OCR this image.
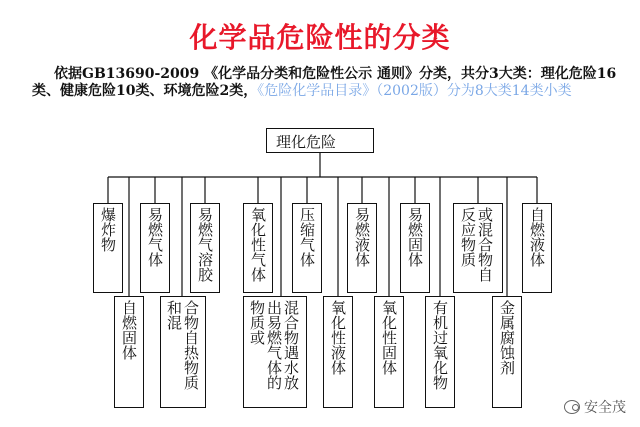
化学品危险性的分类
依据GB13690-2009 《化学品分类和危险性公示 通则》分类，共分3大类：理化危险16类、健康危险10类、环境危险2类，《危险化学品目录》（2002版）分为8大类14类小类
理化危险
爆炸物 易燃气体 易燃气溶胶 氧化性气体 压缩气体 易燃液体 易燃固体	或混合物自反应物质	自燃液体
自燃固体	合物自热物质和混	混合物遇水放出易燃气体的物质或	氧化性液体 氧化性固体 有机过氧化物	金属腐蚀剂
安全茂
